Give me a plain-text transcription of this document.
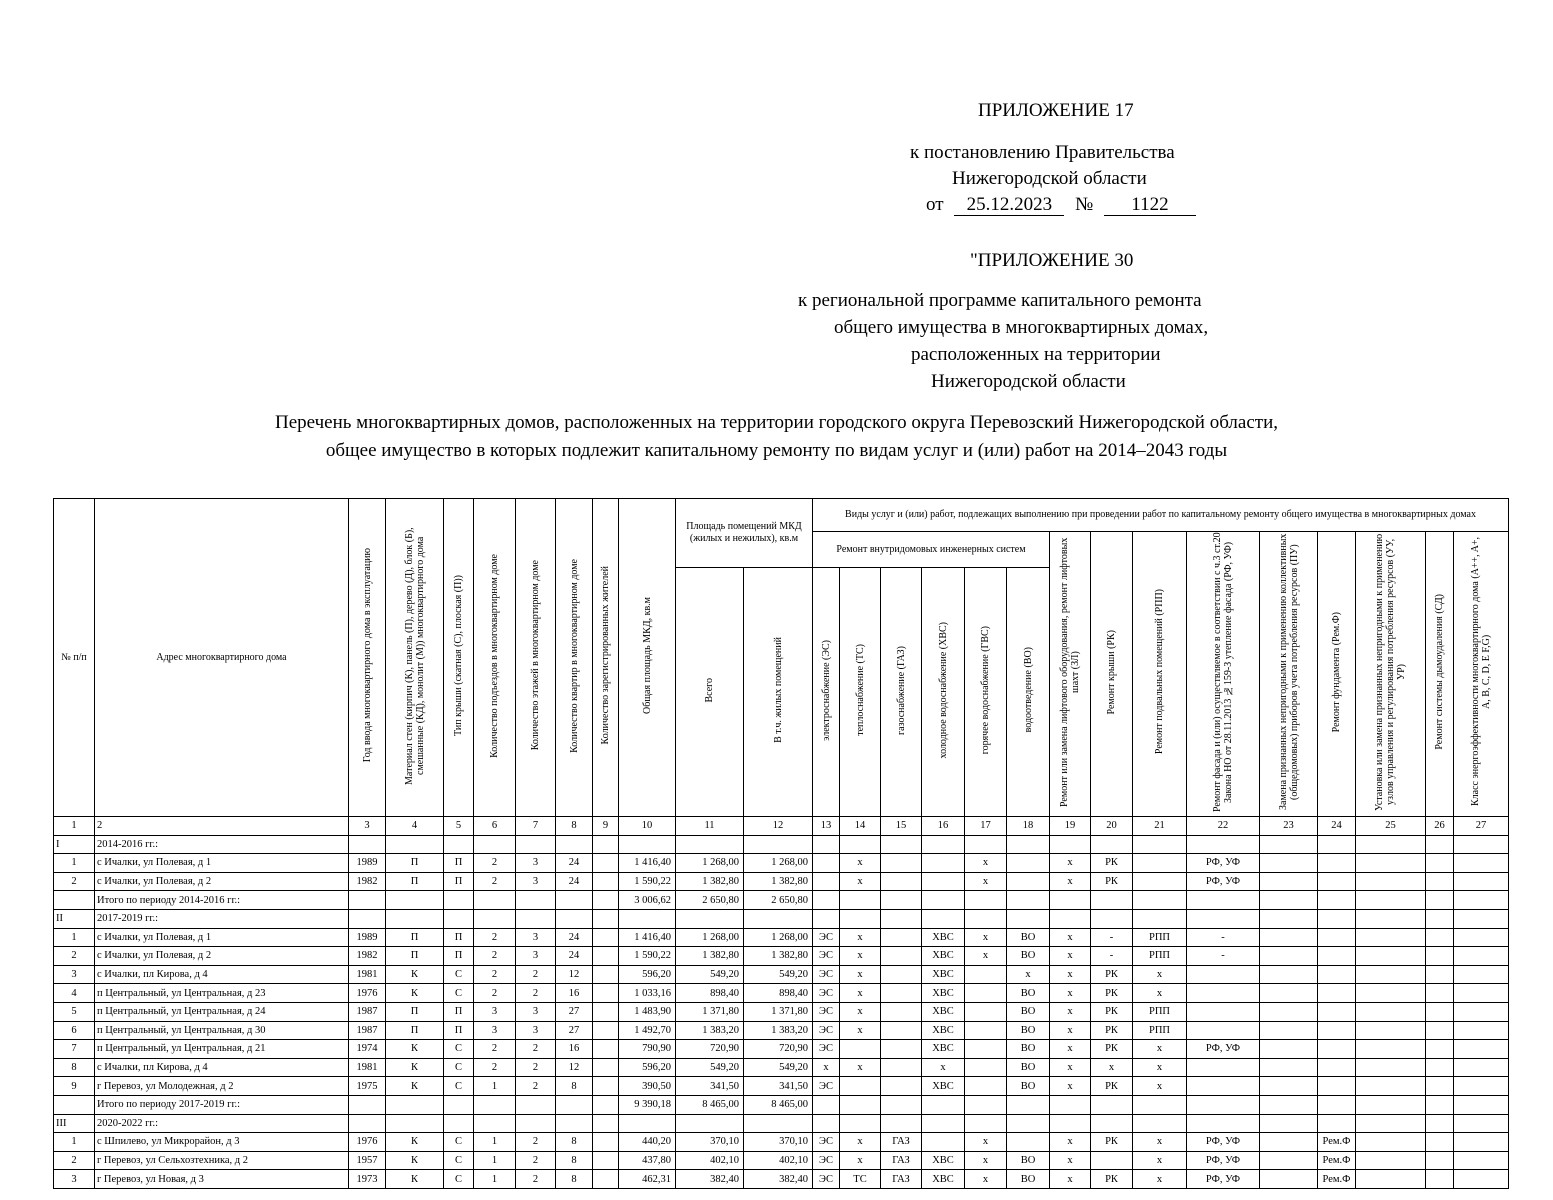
ПРИЛОЖЕНИЕ 17
к постановлению Правительства
Нижегородской области
от 25.12.2023 № 1122
"ПРИЛОЖЕНИЕ 30
к региональной программе капитального ремонта
общего имущества в многоквартирных домах,
расположенных на территории
Нижегородской области
Перечень многоквартирных домов, расположенных на территории городского округа Перевозский Нижегородской области,
общее имущество в которых подлежит капитальному ремонту по видам услуг и (или) работ на 2014–2043 годы
№ п/п	Адрес многоквартирного дома	Год ввода многоквартирного дома в эксплуатацию	Материал стен (кирпич (К), панель (П), дерево (Д), блок (Б), смешанные (КД), монолит (М)) многоквартирного дома	Тип крыши (скатная (С), плоская (П))	Количество подъездов в многоквартирном доме	Количество этажей в многоквартирном доме	Количество квартир в многоквартирном доме	Количество зарегистрированных жителей	Общая площадь МКД, кв.м	Площадь помещений МКД (жилых и нежилых), кв.м		Виды услуг и (или) работ, подлежащих выполнению при проведении работ по капитальному ремонту общего имущества в многоквартирных домах														
												Ремонт внутридомовых инженерных систем						Ремонт или замена лифтового оборудования, ремонт лифтовых шахт (ЗЛ)	Ремонт крыши (РК)	Ремонт подвальных помещений (РПП)	Ремонт фасада и (или) осуществляемое в соответствии с ч.3 ст.20 Закона НО от 28.11.2013 №159-З утепление фасада (РФ, УФ)	Замена признанных непригодными к применению коллективных (общедомовых) приборов учета потребления ресурсов (ПУ)	Ремонт фундамента (Рем.Ф)	Установка или замена признанных непригодными к применению узлов управления и регулирования потребления ресурсов (УУ, УР)	Ремонт системы дымоудаления (СД)	Класс энергоэффективности многоквартирного дома (A++, A+, A, B, C, D, E F,G)
										Всего	В т.ч. жилых помещений	электроснабжение (ЭС)	теплоснабжение (ТС)	газоснабжение (ГАЗ)	холодное водоснабжение (ХВС)	горячее водоснабжение (ГВС)	водоотведение (ВО)									
1	2	3	4	5	6	7	8	9	10	11	12	13	14	15	16	17	18	19	20	21	22	23	24	25	26	27
I	2014-2016 гг.:																									
1	с Ичалки, ул Полевая, д 1	1989	П	П	2	3	24		1 416,40	1 268,00	1 268,00		х			х		х	РК		РФ, УФ					
2	с Ичалки, ул Полевая, д 2	1982	П	П	2	3	24		1 590,22	1 382,80	1 382,80		х			х		х	РК		РФ, УФ					
	Итого по периоду 2014-2016 гг.:								3 006,62	2 650,80	2 650,80															
II	2017-2019 гг.:																									
1	с Ичалки, ул Полевая, д 1	1989	П	П	2	3	24		1 416,40	1 268,00	1 268,00	ЭС	х		ХВС	х	ВО	х	-	РПП	-					
2	с Ичалки, ул Полевая, д 2	1982	П	П	2	3	24		1 590,22	1 382,80	1 382,80	ЭС	х		ХВС	х	ВО	х	-	РПП	-					
3	с Ичалки, пл Кирова, д 4	1981	К	С	2	2	12		596,20	549,20	549,20	ЭС	х		ХВС		х	х	РК	х						
4	п Центральный, ул Центральная, д 23	1976	К	С	2	2	16		1 033,16	898,40	898,40	ЭС	х		ХВС		ВО	х	РК	х						
5	п Центральный, ул Центральная, д 24	1987	П	П	3	3	27		1 483,90	1 371,80	1 371,80	ЭС	х		ХВС		ВО	х	РК	РПП						
6	п Центральный, ул Центральная, д 30	1987	П	П	3	3	27		1 492,70	1 383,20	1 383,20	ЭС	х		ХВС		ВО	х	РК	РПП						
7	п Центральный, ул Центральная, д 21	1974	К	С	2	2	16		790,90	720,90	720,90	ЭС			ХВС		ВО	х	РК	х	РФ, УФ					
8	с Ичалки, пл Кирова, д 4	1981	К	С	2	2	12		596,20	549,20	549,20	х	х		х		ВО	х	х	х						
9	г Перевоз, ул Молодежная, д 2	1975	К	С	1	2	8		390,50	341,50	341,50	ЭС			ХВС		ВО	х	РК	х						
	Итого по периоду 2017-2019 гг.:								9 390,18	8 465,00	8 465,00															
III	2020-2022 гг.:																									
1	с Шпилево, ул Микрорайон, д 3	1976	К	С	1	2	8		440,20	370,10	370,10	ЭС	х	ГАЗ		х		х	РК	х	РФ, УФ		Рем.Ф			
2	г Перевоз, ул Сельхозтехника, д 2	1957	К	С	1	2	8		437,80	402,10	402,10	ЭС	х	ГАЗ	ХВС	х	ВО	х		х	РФ, УФ		Рем.Ф			
3	г Перевоз, ул Новая, д 3	1973	К	С	1	2	8		462,31	382,40	382,40	ЭС	ТС	ГАЗ	ХВС	х	ВО	х	РК	х	РФ, УФ		Рем.Ф			
